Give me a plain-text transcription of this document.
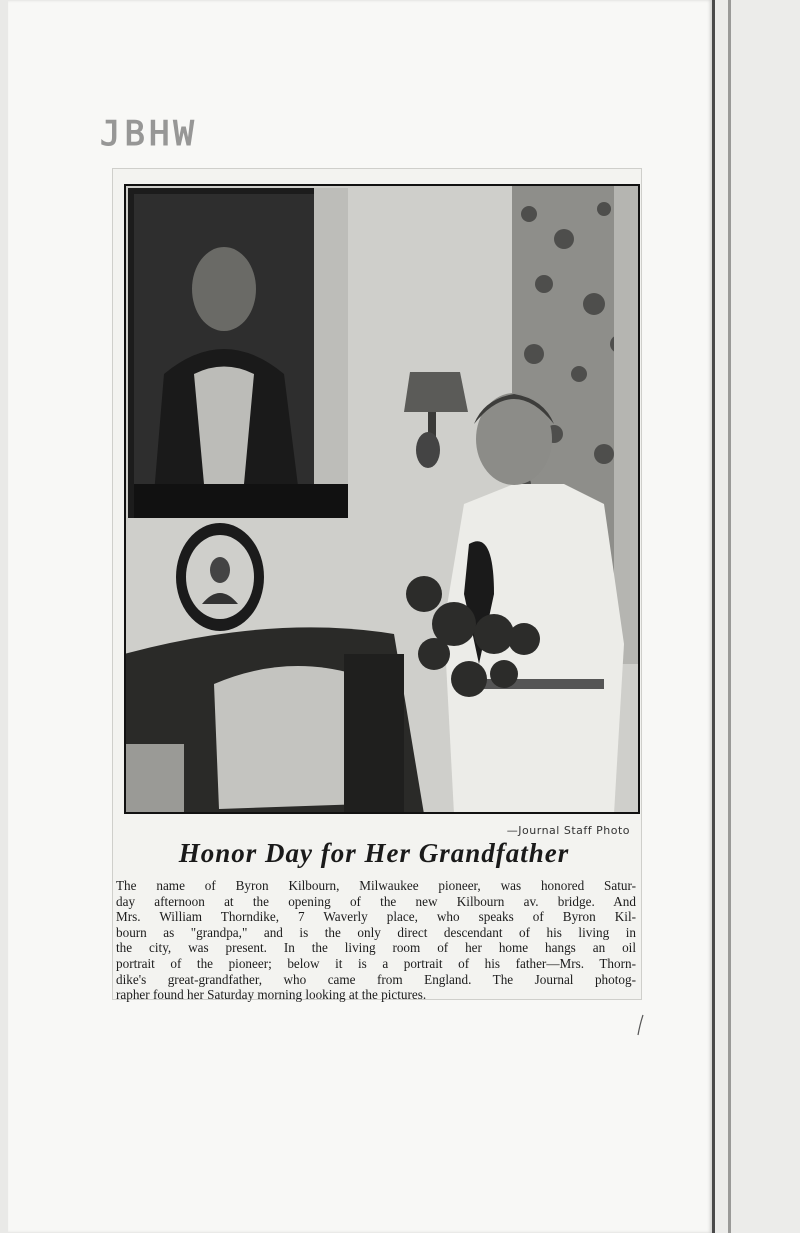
JBHW
—Journal Staff Photo
Honor Day for Her Grandfather

The name of Byron Kilbourn, Milwaukee pioneer, was honored Satur-
day afternoon at the opening of the new Kilbourn av. bridge. And
Mrs. William Thorndike, 7 Waverly place, who speaks of Byron Kil-
bourn as "grandpa," and is the only direct descendant of his living in
the city, was present. In the living room of her home hangs an oil
portrait of the pioneer; below it is a portrait of his father—Mrs. Thorn-
dike's great-grandfather, who came from England. The Journal photog-
rapher found her Saturday morning looking at the pictures.
